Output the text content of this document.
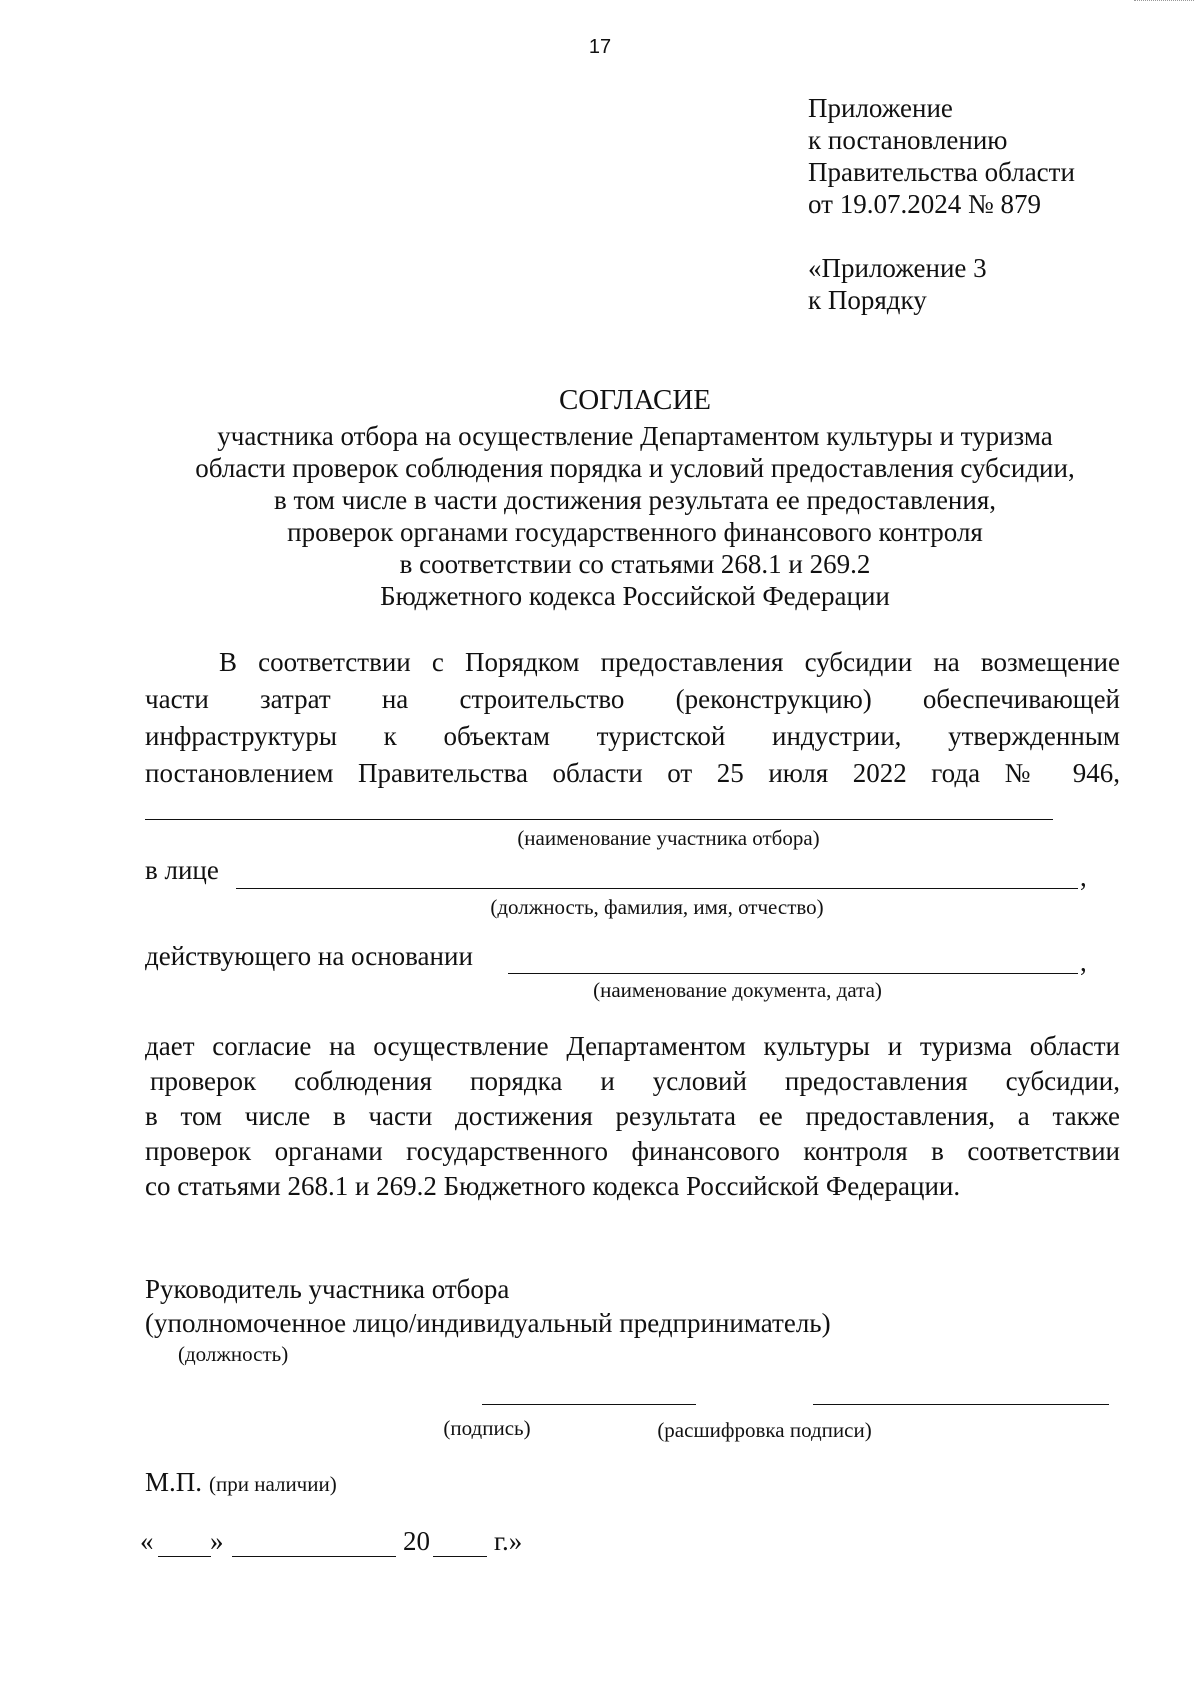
17
Приложение
к постановлению
Правительства области
от 19.07.2024 № 879
«Приложение 3
к Порядку
СОГЛАСИЕ
участника отбора на осуществление Департаментом культуры и туризма
области проверок соблюдения порядка и условий предоставления субсидии,
в том числе в части достижения результата ее предоставления,
проверок органами государственного финансового контроля
в соответствии со статьями 268.1 и 269.2
Бюджетного кодекса Российской Федерации
В соответствии с Порядком предоставления субсидии на возмещение
части затрат на строительство (реконструкцию) обеспечивающей
инфраструктуры к объектам туристской индустрии, утвержденным
постановлением Правительства области от 25 июля 2022 года № 946,
(наименование участника отбора)
в лице	,
(должность, фамилия, имя, отчество)
действующего на основании	,
(наименование документа, дата)
дает согласие на осуществление Департаментом культуры и туризма области
проверок соблюдения порядка и условий предоставления субсидии,
в том числе в части достижения результата ее предоставления, а также
проверок органами государственного финансового контроля в соответствии
со статьями 268.1 и 269.2 Бюджетного кодекса Российской Федерации.
Руководитель участника отбора
(уполномоченное лицо/индивидуальный предприниматель)
(должность)
(подпись)	(расшифровка подписи)
М.П. (при наличии)
« »	20 г.»
